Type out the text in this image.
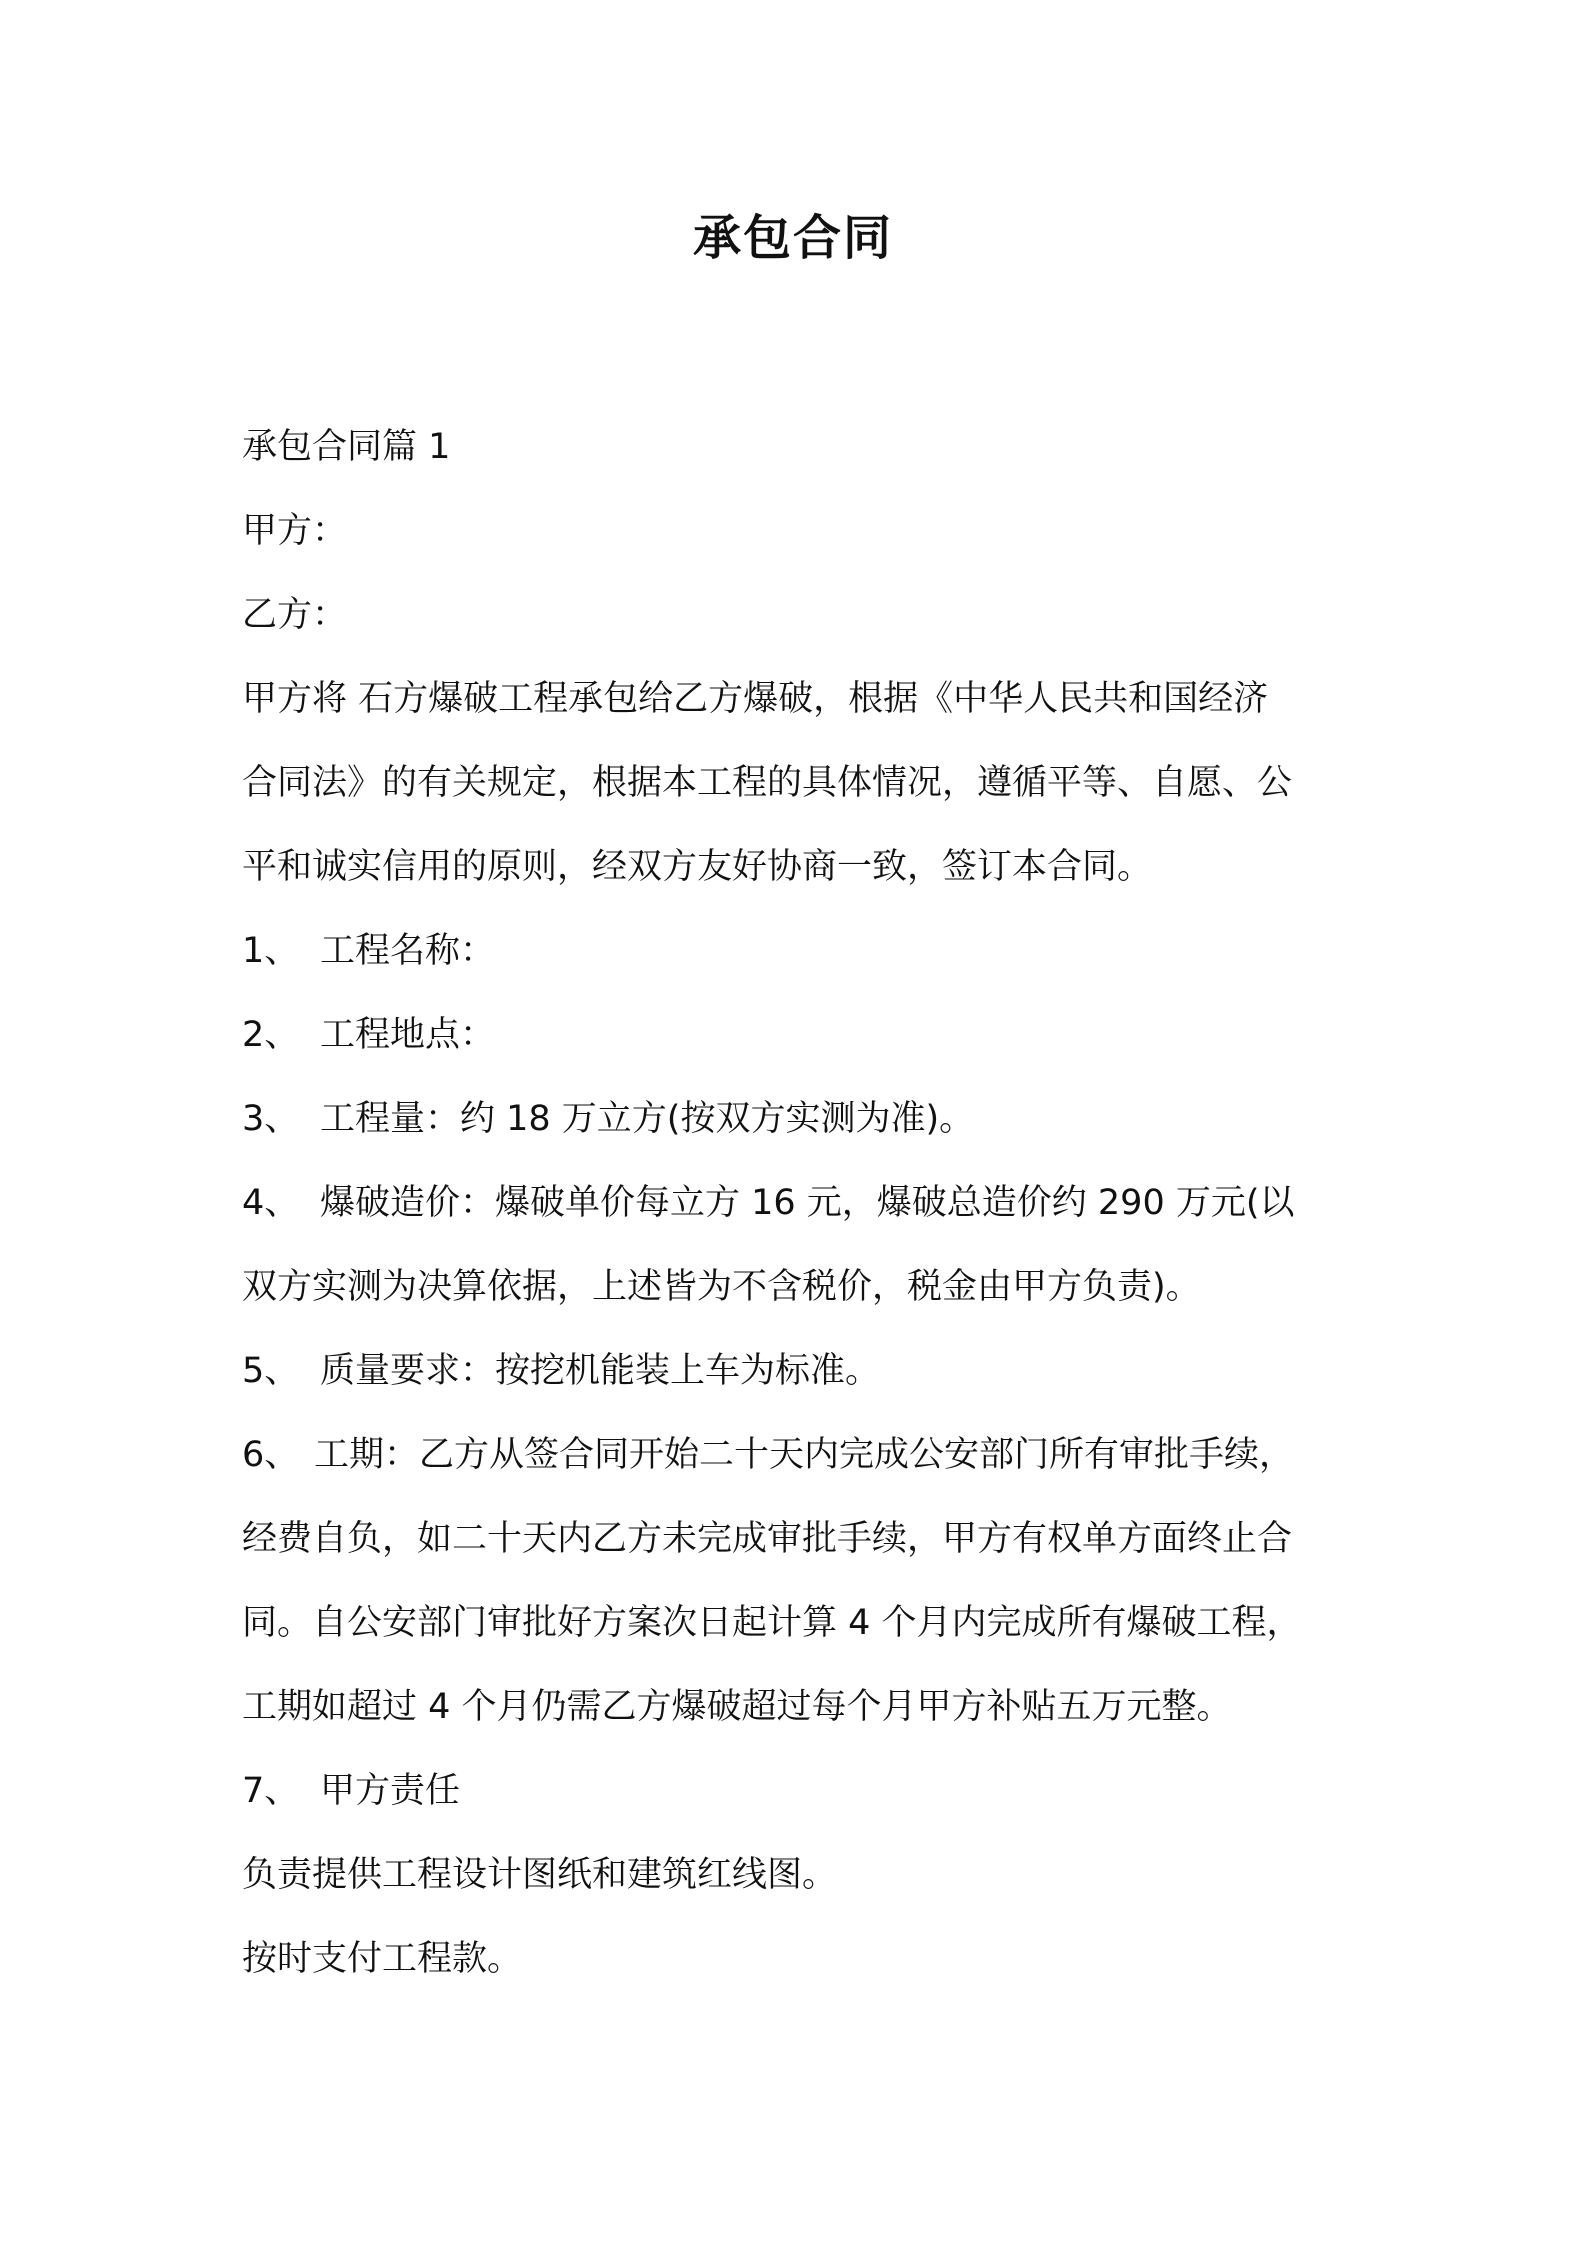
承包合同
承包合同篇 1
甲方：
乙方：
甲方将 石方爆破工程承包给乙方爆破，根据《中华人民共和国经济
合同法》的有关规定，根据本工程的具体情况，遵循平等、自愿、公
平和诚实信用的原则，经双方友好协商一致，签订本合同。
1、 工程名称：
2、 工程地点：
3、 工程量：约 18 万立方(按双方实测为准)。
4、 爆破造价：爆破单价每立方 16 元，爆破总造价约 290 万元(以
双方实测为决算依据，上述皆为不含税价，税金由甲方负责)。
5、 质量要求：按挖机能装上车为标准。
6、 工期：乙方从签合同开始二十天内完成公安部门所有审批手续，
经费自负，如二十天内乙方未完成审批手续，甲方有权单方面终止合
同。自公安部门审批好方案次日起计算 4 个月内完成所有爆破工程，
工期如超过 4 个月仍需乙方爆破超过每个月甲方补贴五万元整。
7、 甲方责任
负责提供工程设计图纸和建筑红线图。
按时支付工程款。
